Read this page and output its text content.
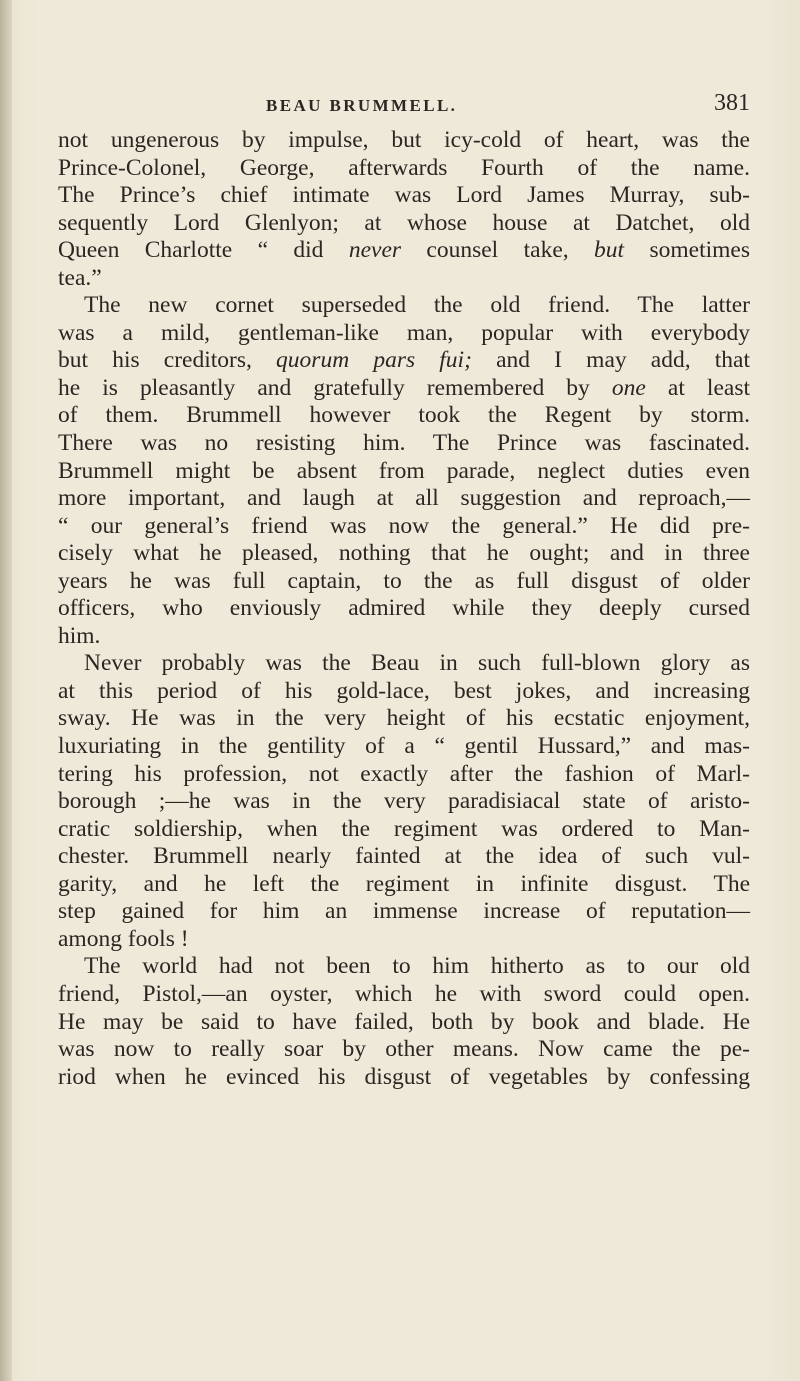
BEAU BRUMMELL.	381
not ungenerous by impulse, but icy-cold of heart, was the
Prince-Colonel, George, afterwards Fourth of the name.
The Prince’s chief intimate was Lord James Murray, sub-
sequently Lord Glenlyon; at whose house at Datchet, old
Queen Charlotte “ did never counsel take, but sometimes
tea.”
The new cornet superseded the old friend. The latter
was a mild, gentleman-like man, popular with everybody
but his creditors, quorum pars fui; and I may add, that
he is pleasantly and gratefully remembered by one at least
of them. Brummell however took the Regent by storm.
There was no resisting him. The Prince was fascinated.
Brummell might be absent from parade, neglect duties even
more important, and laugh at all suggestion and reproach,—
“ our general’s friend was now the general.” He did pre-
cisely what he pleased, nothing that he ought; and in three
years he was full captain, to the as full disgust of older
officers, who enviously admired while they deeply cursed
him.
Never probably was the Beau in such full-blown glory as
at this period of his gold-lace, best jokes, and increasing
sway. He was in the very height of his ecstatic enjoyment,
luxuriating in the gentility of a “ gentil Hussard,” and mas-
tering his profession, not exactly after the fashion of Marl-
borough ;—he was in the very paradisiacal state of aristo-
cratic soldiership, when the regiment was ordered to Man-
chester. Brummell nearly fainted at the idea of such vul-
garity, and he left the regiment in infinite disgust. The
step gained for him an immense increase of reputation—
among fools !
The world had not been to him hitherto as to our old
friend, Pistol,—an oyster, which he with sword could open.
He may be said to have failed, both by book and blade. He
was now to really soar by other means. Now came the pe-
riod when he evinced his disgust of vegetables by confessing
